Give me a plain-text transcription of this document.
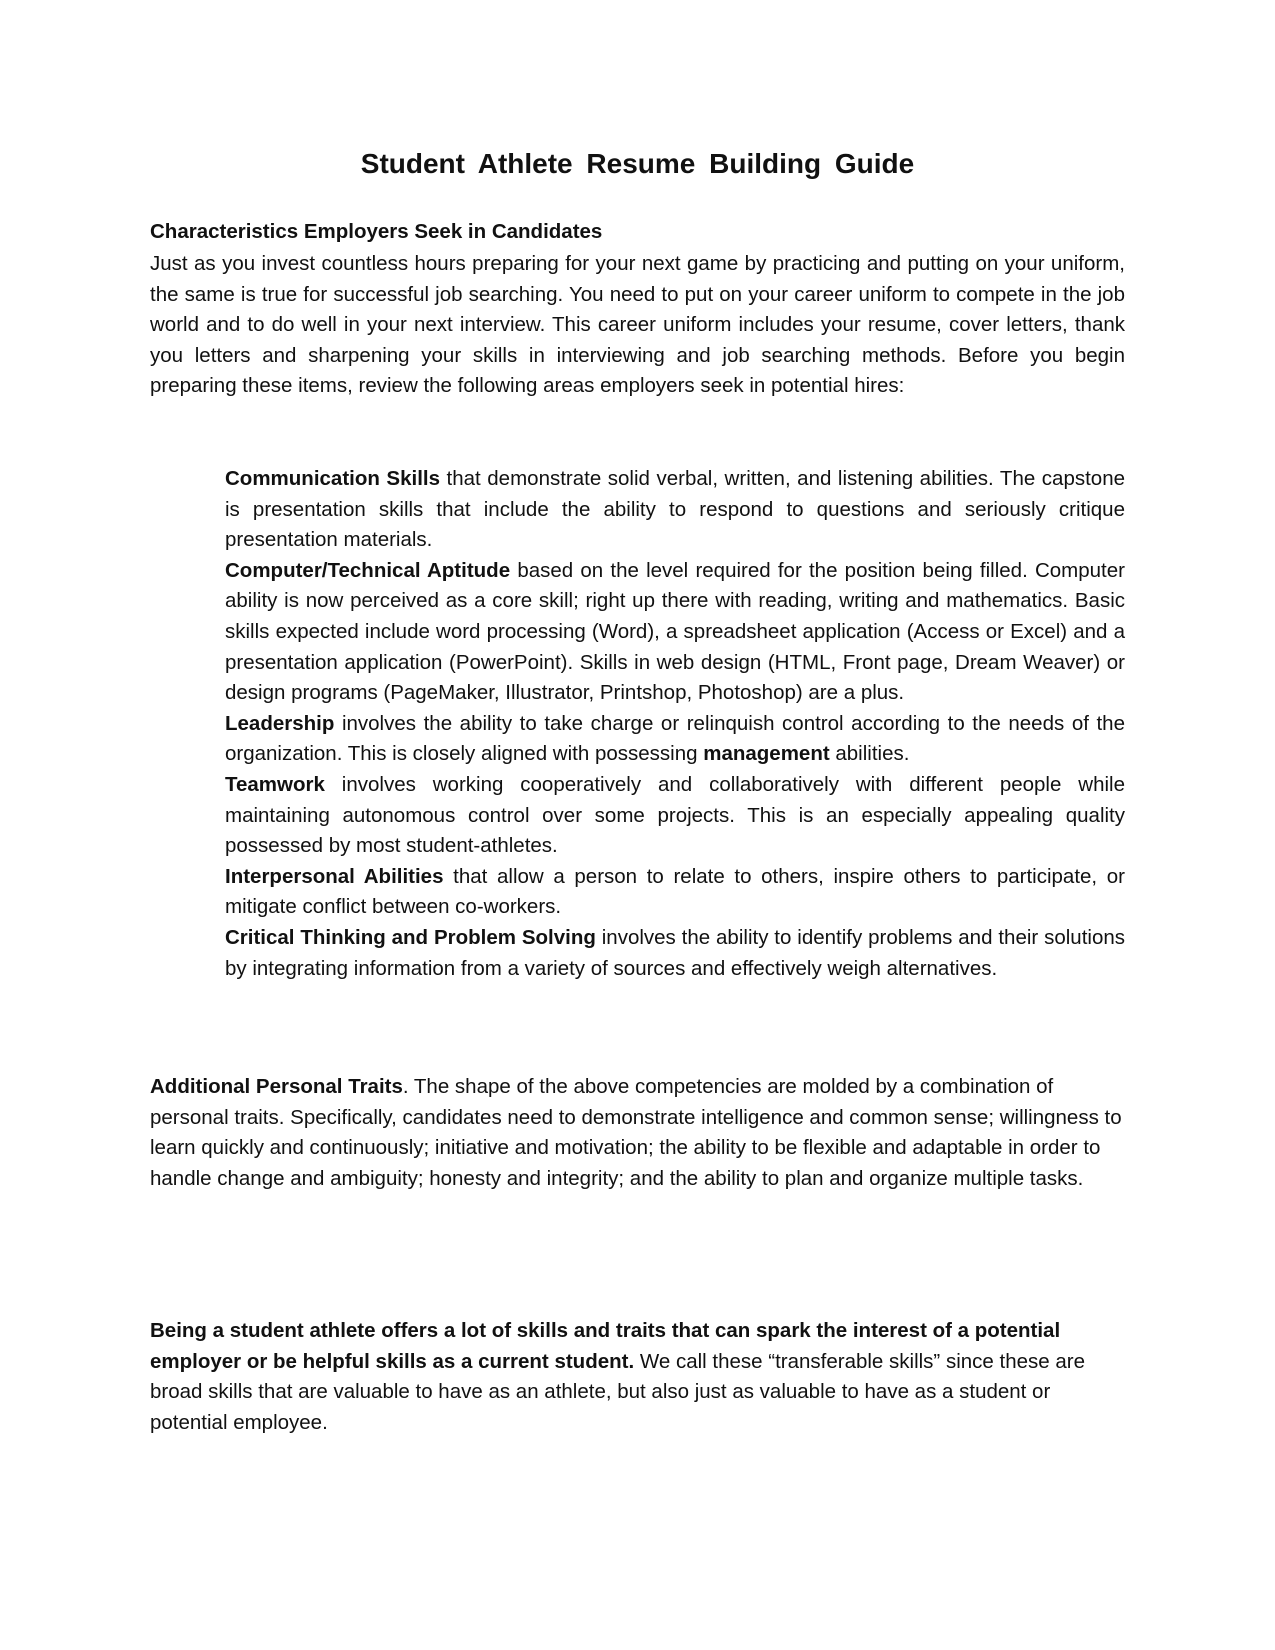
Student Athlete Resume Building Guide

Characteristics Employers Seek in Candidates

Just as you invest countless hours preparing for your next game by practicing and putting on your uniform, the same is true for successful job searching. You need to put on your career uniform to compete in the job world and to do well in your next interview. This career uniform includes your resume, cover letters, thank you letters and sharpening your skills in interviewing and job searching methods. Before you begin preparing these items, review the following areas employers seek in potential hires:

Communication Skills that demonstrate solid verbal, written, and listening abilities. The capstone is presentation skills that include the ability to respond to questions and seriously critique presentation materials.

Computer/Technical Aptitude based on the level required for the position being filled. Computer ability is now perceived as a core skill; right up there with reading, writing and mathematics. Basic skills expected include word processing (Word), a spreadsheet application (Access or Excel) and a presentation application (PowerPoint). Skills in web design (HTML, Front page, Dream Weaver) or design programs (PageMaker, Illustrator, Printshop, Photoshop) are a plus.

Leadership involves the ability to take charge or relinquish control according to the needs of the organization. This is closely aligned with possessing management abilities.

Teamwork involves working cooperatively and collaboratively with different people while maintaining autonomous control over some projects. This is an especially appealing quality possessed by most student-athletes.

Interpersonal Abilities that allow a person to relate to others, inspire others to participate, or mitigate conflict between co-workers.

Critical Thinking and Problem Solving involves the ability to identify problems and their solutions by integrating information from a variety of sources and effectively weigh alternatives.

Additional Personal Traits. The shape of the above competencies are molded by a combination of personal traits. Specifically, candidates need to demonstrate intelligence and common sense; willingness to learn quickly and continuously; initiative and motivation; the ability to be flexible and adaptable in order to handle change and ambiguity; honesty and integrity; and the ability to plan and organize multiple tasks.

Being a student athlete offers a lot of skills and traits that can spark the interest of a potential employer or be helpful skills as a current student. We call these “transferable skills” since these are broad skills that are valuable to have as an athlete, but also just as valuable to have as a student or potential employee.
